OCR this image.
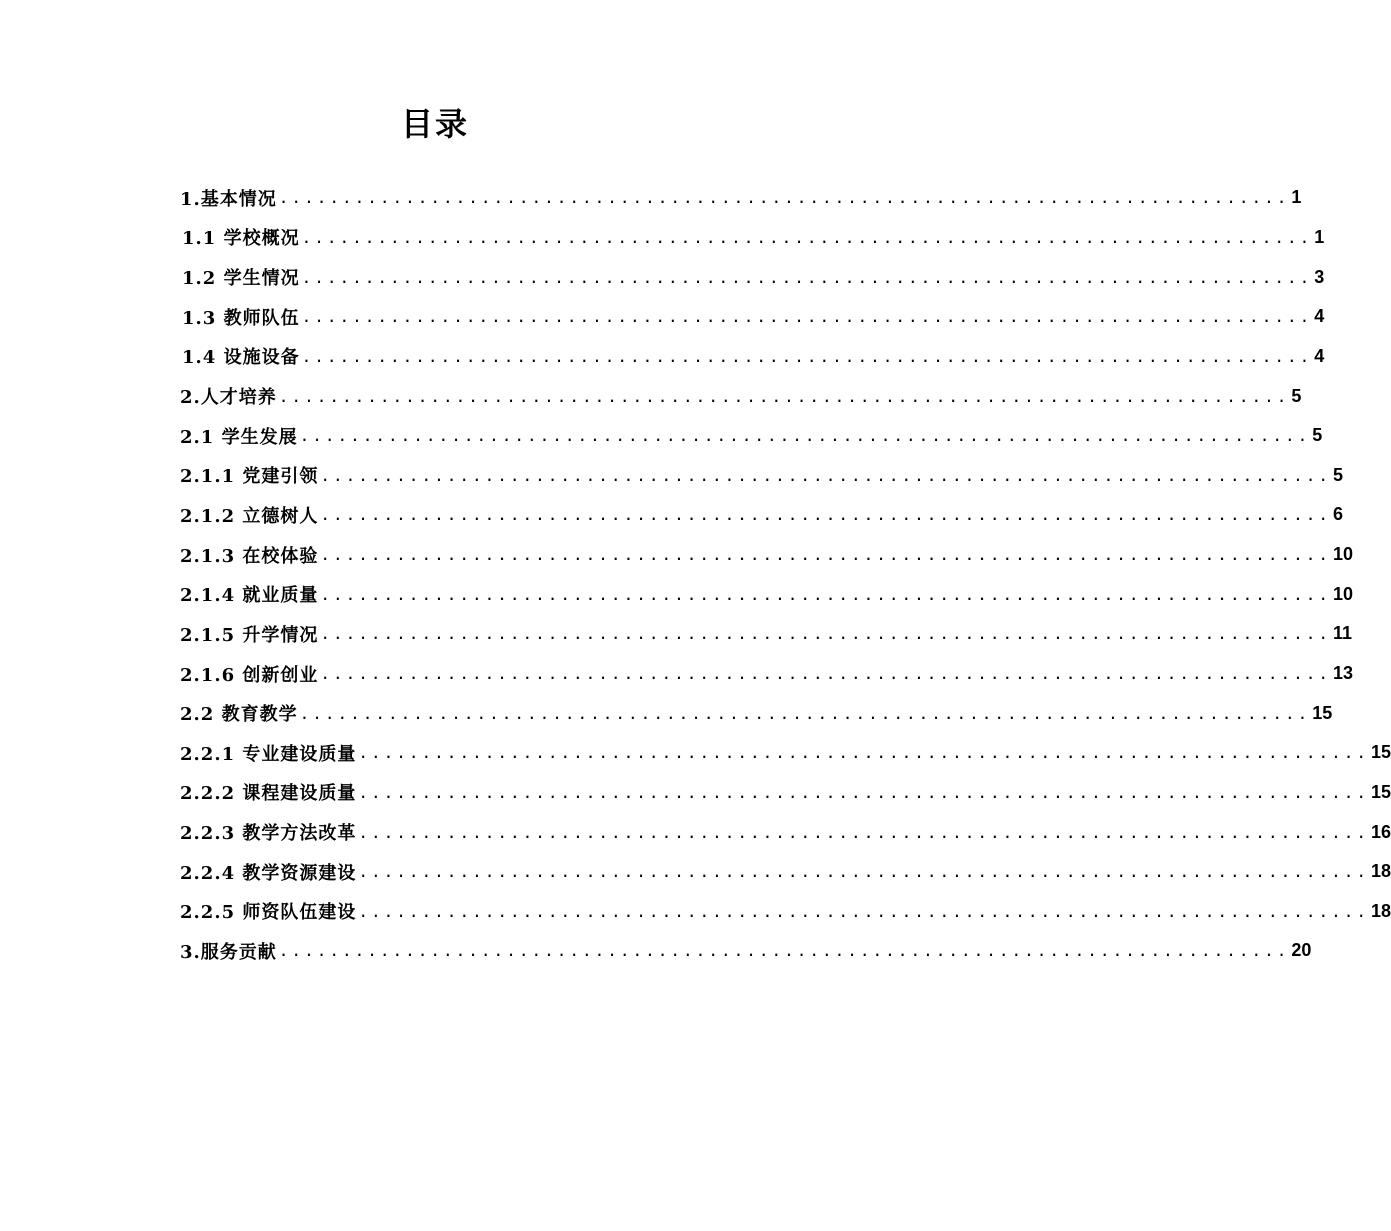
目录
1.基本情况 ................................................................................ 1
1.1 学校概况 ................................................................................ 1
1.2 学生情况 ................................................................................ 3
1.3 教师队伍 ................................................................................ 4
1.4 设施设备 ................................................................................ 4
2.人才培养 ................................................................................ 5
2.1 学生发展 ................................................................................ 5
2.1.1 党建引领 ................................................................................ 5
2.1.2 立德树人 ................................................................................ 6
2.1.3 在校体验 ................................................................................ 10
2.1.4 就业质量 ................................................................................ 10
2.1.5 升学情况 ................................................................................ 11
2.1.6 创新创业 ................................................................................ 13
2.2 教育教学 ................................................................................ 15
2.2.1 专业建设质量 ................................................................................ 15
2.2.2 课程建设质量 ................................................................................ 15
2.2.3 教学方法改革 ................................................................................ 16
2.2.4 教学资源建设 ................................................................................ 18
2.2.5 师资队伍建设 ................................................................................ 18
3.服务贡献 ................................................................................ 20
